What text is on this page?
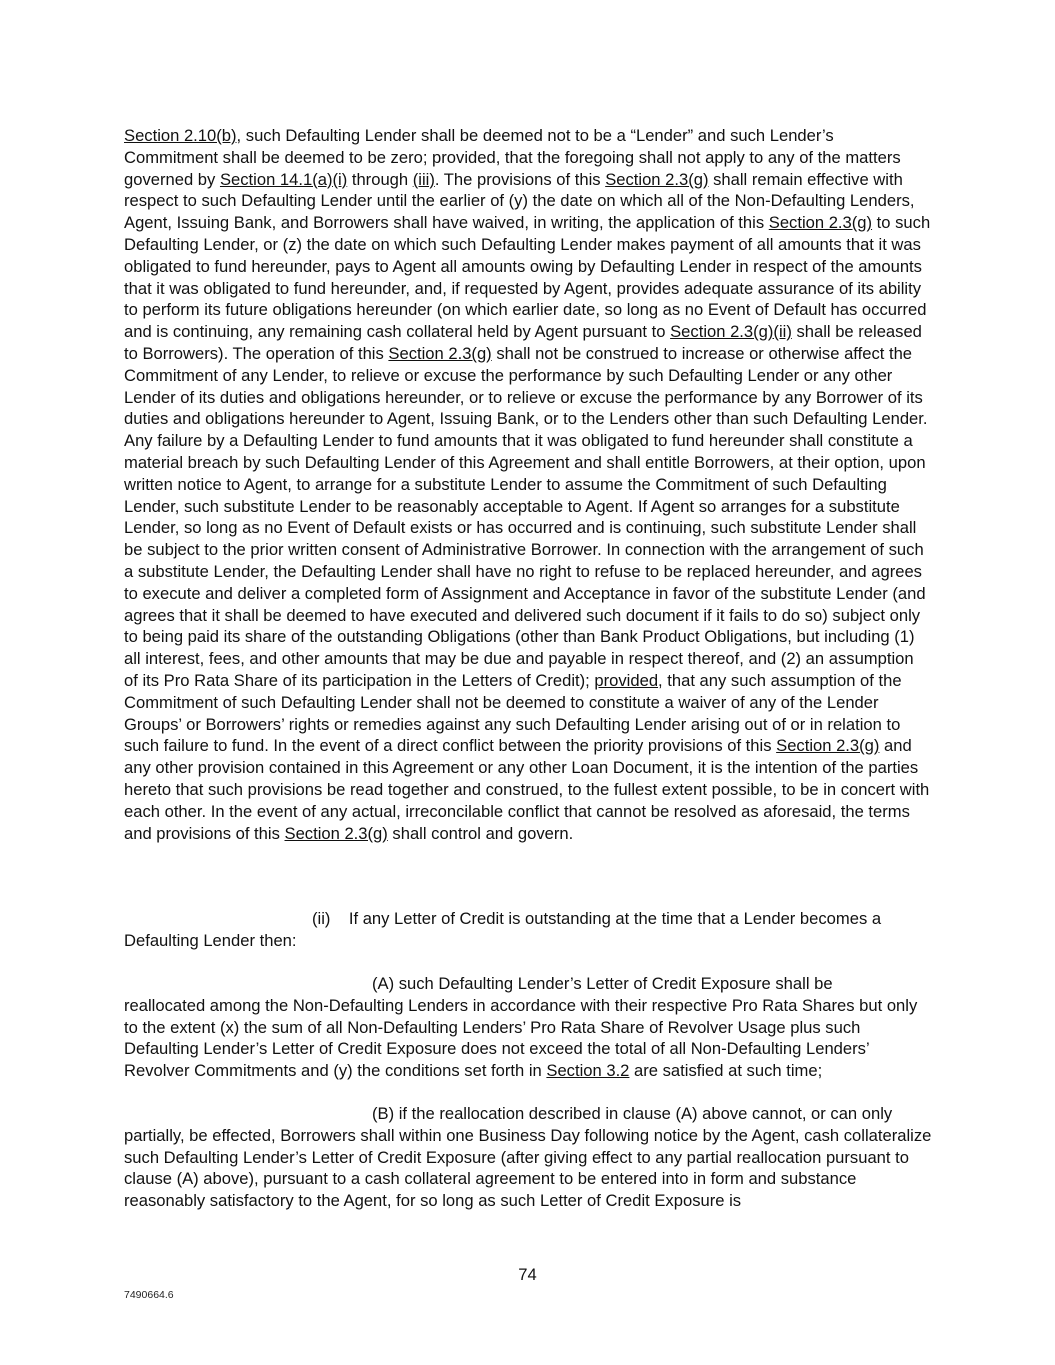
Section 2.10(b), such Defaulting Lender shall be deemed not to be a “Lender” and such Lender’s Commitment shall be deemed to be zero; provided, that the foregoing shall not apply to any of the matters governed by Section 14.1(a)(i) through (iii). The provisions of this Section 2.3(g) shall remain effective with respect to such Defaulting Lender until the earlier of (y) the date on which all of the Non-Defaulting Lenders, Agent, Issuing Bank, and Borrowers shall have waived, in writing, the application of this Section 2.3(g) to such Defaulting Lender, or (z) the date on which such Defaulting Lender makes payment of all amounts that it was obligated to fund hereunder, pays to Agent all amounts owing by Defaulting Lender in respect of the amounts that it was obligated to fund hereunder, and, if requested by Agent, provides adequate assurance of its ability to perform its future obligations hereunder (on which earlier date, so long as no Event of Default has occurred and is continuing, any remaining cash collateral held by Agent pursuant to Section 2.3(g)(ii) shall be released to Borrowers). The operation of this Section 2.3(g) shall not be construed to increase or otherwise affect the Commitment of any Lender, to relieve or excuse the performance by such Defaulting Lender or any other Lender of its duties and obligations hereunder, or to relieve or excuse the performance by any Borrower of its duties and obligations hereunder to Agent, Issuing Bank, or to the Lenders other than such Defaulting Lender. Any failure by a Defaulting Lender to fund amounts that it was obligated to fund hereunder shall constitute a material breach by such Defaulting Lender of this Agreement and shall entitle Borrowers, at their option, upon written notice to Agent, to arrange for a substitute Lender to assume the Commitment of such Defaulting Lender, such substitute Lender to be reasonably acceptable to Agent. If Agent so arranges for a substitute Lender, so long as no Event of Default exists or has occurred and is continuing, such substitute Lender shall be subject to the prior written consent of Administrative Borrower. In connection with the arrangement of such a substitute Lender, the Defaulting Lender shall have no right to refuse to be replaced hereunder, and agrees to execute and deliver a completed form of Assignment and Acceptance in favor of the substitute Lender (and agrees that it shall be deemed to have executed and delivered such document if it fails to do so) subject only to being paid its share of the outstanding Obligations (other than Bank Product Obligations, but including (1) all interest, fees, and other amounts that may be due and payable in respect thereof, and (2) an assumption of its Pro Rata Share of its participation in the Letters of Credit); provided, that any such assumption of the Commitment of such Defaulting Lender shall not be deemed to constitute a waiver of any of the Lender Groups’ or Borrowers’ rights or remedies against any such Defaulting Lender arising out of or in relation to such failure to fund. In the event of a direct conflict between the priority provisions of this Section 2.3(g) and any other provision contained in this Agreement or any other Loan Document, it is the intention of the parties hereto that such provisions be read together and construed, to the fullest extent possible, to be in concert with each other. In the event of any actual, irreconcilable conflict that cannot be resolved as aforesaid, the terms and provisions of this Section 2.3(g) shall control and govern.

(ii)    If any Letter of Credit is outstanding at the time that a Lender becomes a
Defaulting Lender then:

(A) such Defaulting Lender’s Letter of Credit Exposure shall be
reallocated among the Non-Defaulting Lenders in accordance with their respective Pro Rata Shares but only to the extent (x) the sum of all Non-Defaulting Lenders’ Pro Rata Share of Revolver Usage plus such Defaulting Lender’s Letter of Credit Exposure does not exceed the total of all Non-Defaulting Lenders’ Revolver Commitments and (y) the conditions set forth in Section 3.2 are satisfied at such time;

(B) if the reallocation described in clause (A) above cannot, or can only
partially, be effected, Borrowers shall within one Business Day following notice by the Agent, cash collateralize such Defaulting Lender’s Letter of Credit Exposure (after giving effect to any partial reallocation pursuant to clause (A) above), pursuant to a cash collateral agreement to be entered into in form and substance reasonably satisfactory to the Agent, for so long as such Letter of Credit Exposure is

74
7490664.6
